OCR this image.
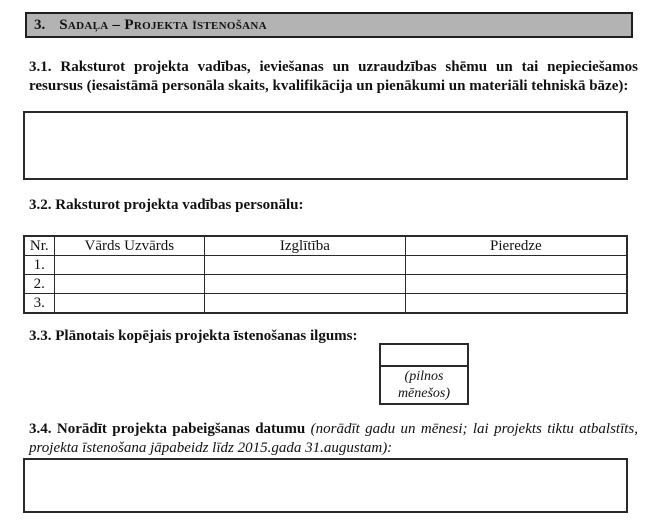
3. Sadaļa – Projekta īstenošana

3.1. Raksturot projekta vadības, ieviešanas un uzraudzības shēmu un tai nepieciešamos resursus (iesaistāmā personāla skaits, kvalifikācija un pienākumi un materiāli tehniskā bāze):

3.2. Raksturot projekta vadības personālu:

Nr.	Vārds Uzvārds	Izglītība	Pieredze
1.			
2.			
3.			

3.3. Plānotais kopējais projekta īstenošanas ilgums:

(pilnos mēnešos)

3.4. Norādīt projekta pabeigšanas datumu (norādīt gadu un mēnesi; lai projekts tiktu atbalstīts, projekta īstenošana jāpabeidz līdz 2015.gada 31.augustam):
